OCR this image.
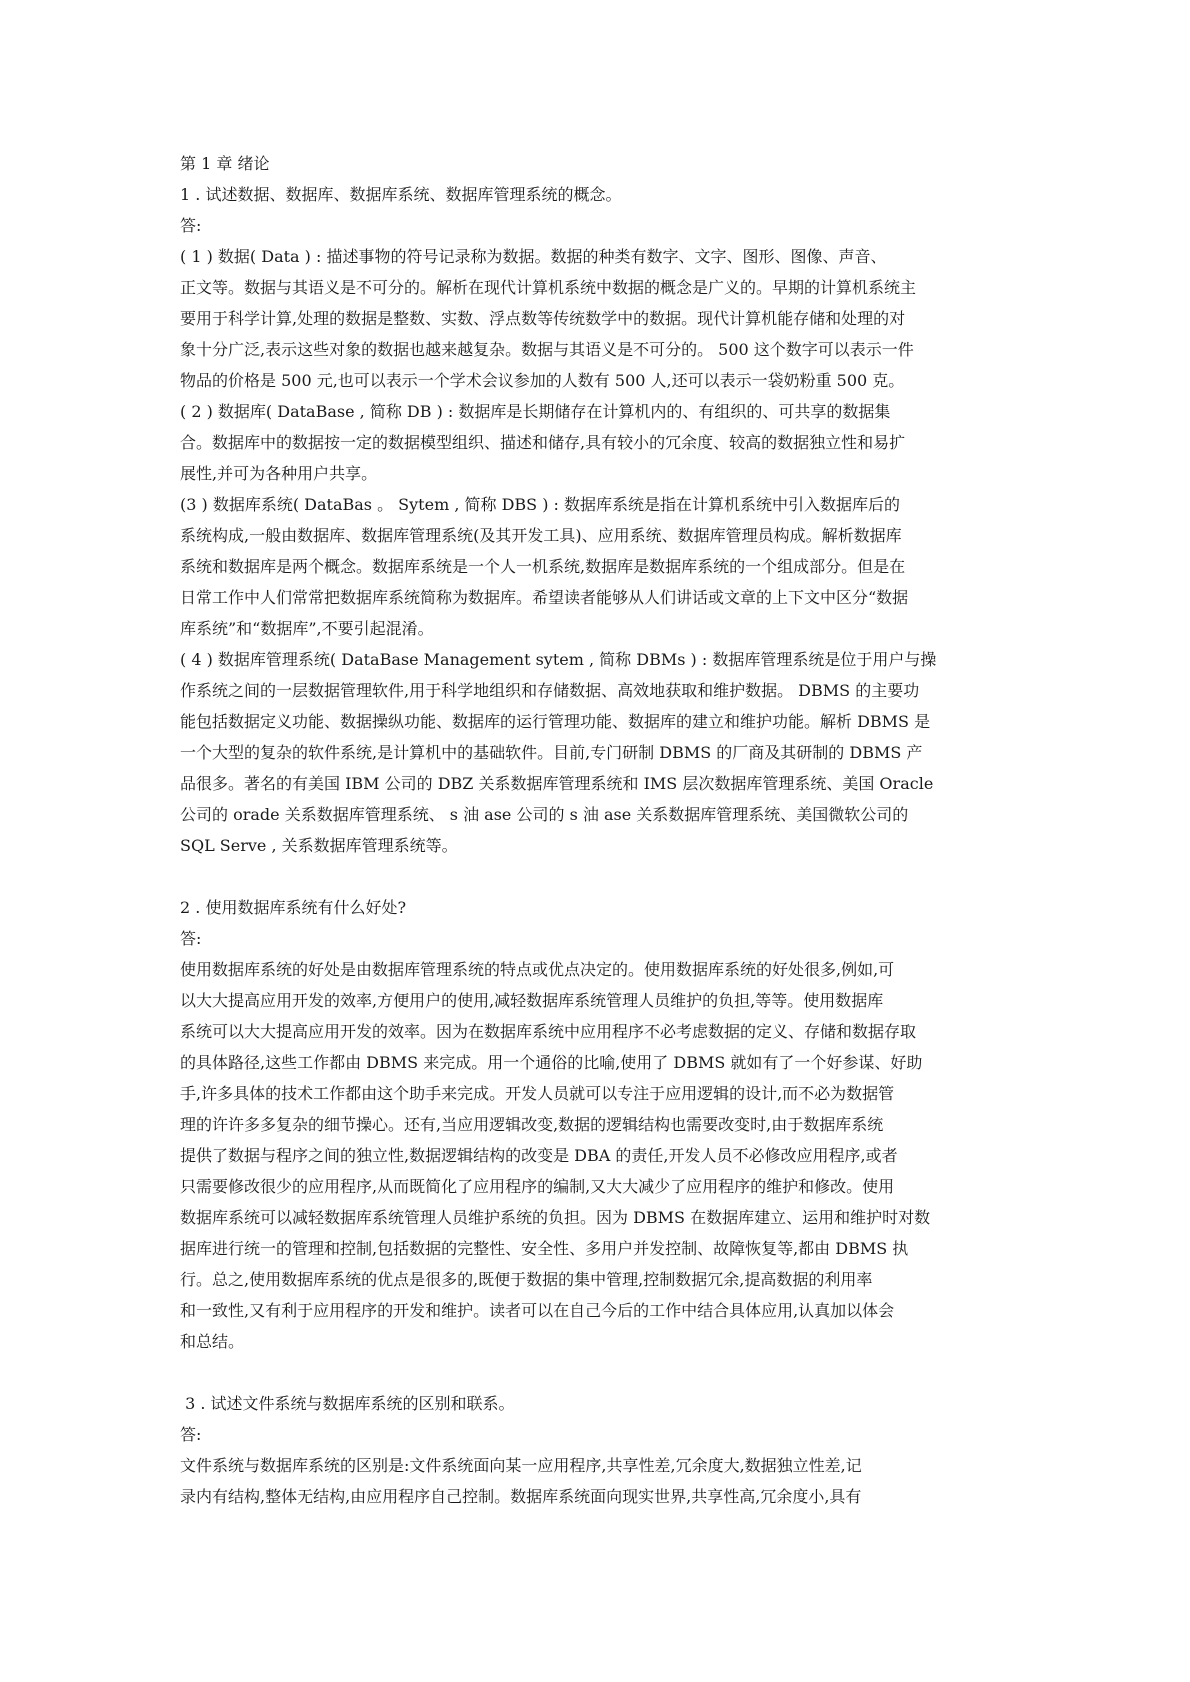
第 1 章 绪论
1 . 试述数据、数据库、数据库系统、数据库管理系统的概念。
答:
( 1 ) 数据( Data ) : 描述事物的符号记录称为数据。数据的种类有数字、文字、图形、图像、声音、
正文等。数据与其语义是不可分的。解析在现代计算机系统中数据的概念是广义的。早期的计算机系统主
要用于科学计算,处理的数据是整数、实数、浮点数等传统数学中的数据。现代计算机能存储和处理的对
象十分广泛,表示这些对象的数据也越来越复杂。数据与其语义是不可分的。 500 这个数字可以表示一件
物品的价格是 500 元,也可以表示一个学术会议参加的人数有 500 人,还可以表示一袋奶粉重 500 克。
( 2 ) 数据库( DataBase , 简称 DB ) : 数据库是长期储存在计算机内的、有组织的、可共享的数据集
合。数据库中的数据按一定的数据模型组织、描述和储存,具有较小的冗余度、较高的数据独立性和易扩
展性,并可为各种用户共享。
(3 ) 数据库系统( DataBas 。 Sytem , 简称 DBS ) : 数据库系统是指在计算机系统中引入数据库后的
系统构成,一般由数据库、数据库管理系统(及其开发工具)、应用系统、数据库管理员构成。解析数据库
系统和数据库是两个概念。数据库系统是一个人一机系统,数据库是数据库系统的一个组成部分。但是在
日常工作中人们常常把数据库系统简称为数据库。希望读者能够从人们讲话或文章的上下文中区分“数据
库系统”和“数据库”,不要引起混淆。
( 4 ) 数据库管理系统( DataBase Management sytem , 简称 DBMs ) : 数据库管理系统是位于用户与操
作系统之间的一层数据管理软件,用于科学地组织和存储数据、高效地获取和维护数据。 DBMS 的主要功
能包括数据定义功能、数据操纵功能、数据库的运行管理功能、数据库的建立和维护功能。解析 DBMS 是
一个大型的复杂的软件系统,是计算机中的基础软件。目前,专门研制 DBMS 的厂商及其研制的 DBMS 产
品很多。著名的有美国 IBM 公司的 DBZ 关系数据库管理系统和 IMS 层次数据库管理系统、美国 Oracle
公司的 orade 关系数据库管理系统、 s 油 ase 公司的 s 油 ase 关系数据库管理系统、美国微软公司的
SQL Serve , 关系数据库管理系统等。
2 . 使用数据库系统有什么好处?
答:
使用数据库系统的好处是由数据库管理系统的特点或优点决定的。使用数据库系统的好处很多,例如,可
以大大提高应用开发的效率,方便用户的使用,减轻数据库系统管理人员维护的负担,等等。使用数据库
系统可以大大提高应用开发的效率。因为在数据库系统中应用程序不必考虑数据的定义、存储和数据存取
的具体路径,这些工作都由 DBMS 来完成。用一个通俗的比喻,使用了 DBMS 就如有了一个好参谋、好助
手,许多具体的技术工作都由这个助手来完成。开发人员就可以专注于应用逻辑的设计,而不必为数据管
理的许许多多复杂的细节操心。还有,当应用逻辑改变,数据的逻辑结构也需要改变时,由于数据库系统
提供了数据与程序之间的独立性,数据逻辑结构的改变是 DBA 的责任,开发人员不必修改应用程序,或者
只需要修改很少的应用程序,从而既简化了应用程序的编制,又大大减少了应用程序的维护和修改。使用
数据库系统可以减轻数据库系统管理人员维护系统的负担。因为 DBMS 在数据库建立、运用和维护时对数
据库进行统一的管理和控制,包括数据的完整性、安全性、多用户并发控制、故障恢复等,都由 DBMS 执
行。总之,使用数据库系统的优点是很多的,既便于数据的集中管理,控制数据冗余,提高数据的利用率
和一致性,又有利于应用程序的开发和维护。读者可以在自己今后的工作中结合具体应用,认真加以体会
和总结。
3 . 试述文件系统与数据库系统的区别和联系。
答:
文件系统与数据库系统的区别是:文件系统面向某一应用程序,共享性差,冗余度大,数据独立性差,记
录内有结构,整体无结构,由应用程序自己控制。数据库系统面向现实世界,共享性高,冗余度小,具有
